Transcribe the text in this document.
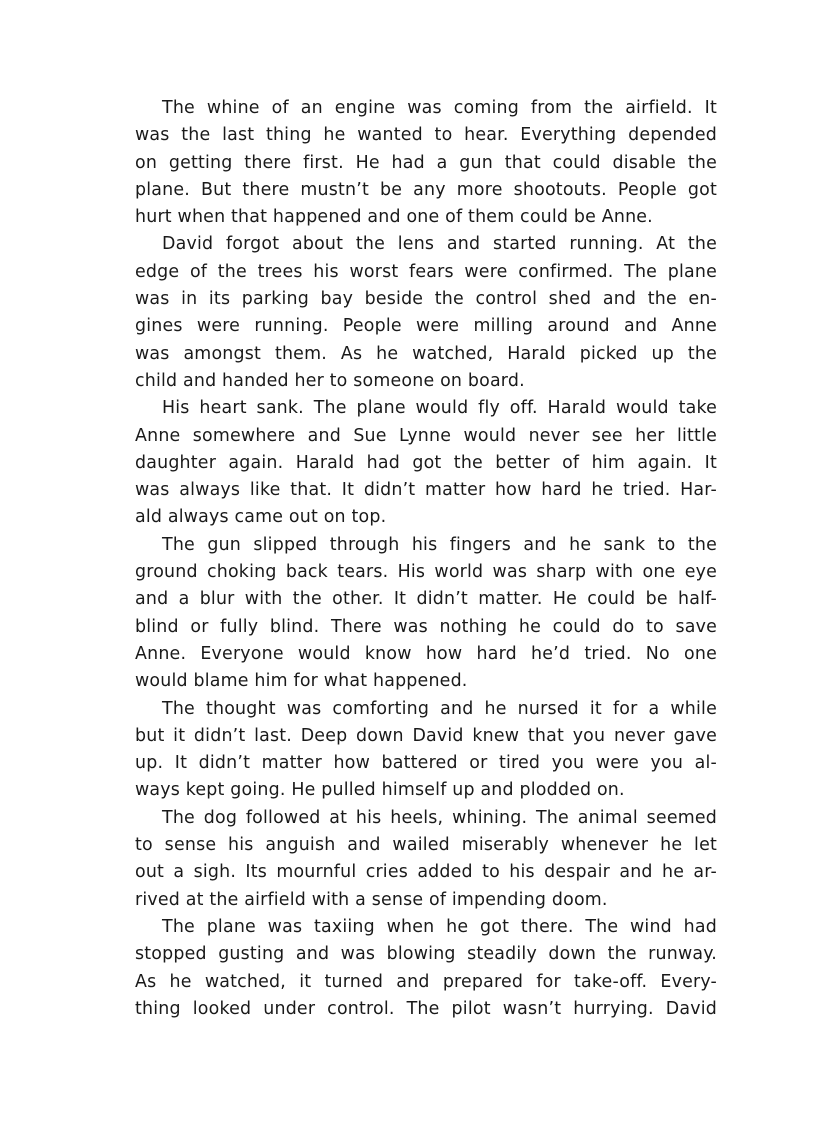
The whine of an engine was coming from the airfield. It
was the last thing he wanted to hear. Everything depended
on getting there first. He had a gun that could disable the
plane. But there mustn’t be any more shootouts. People got
hurt when that happened and one of them could be Anne.
David forgot about the lens and started running. At the
edge of the trees his worst fears were confirmed. The plane
was in its parking bay beside the control shed and the en-
gines were running. People were milling around and Anne
was amongst them. As he watched, Harald picked up the
child and handed her to someone on board.
His heart sank. The plane would fly off. Harald would take
Anne somewhere and Sue Lynne would never see her little
daughter again. Harald had got the better of him again. It
was always like that. It didn’t matter how hard he tried. Har-
ald always came out on top.
The gun slipped through his fingers and he sank to the
ground choking back tears. His world was sharp with one eye
and a blur with the other. It didn’t matter. He could be half-
blind or fully blind. There was nothing he could do to save
Anne. Everyone would know how hard he’d tried. No one
would blame him for what happened.
The thought was comforting and he nursed it for a while
but it didn’t last. Deep down David knew that you never gave
up. It didn’t matter how battered or tired you were you al-
ways kept going. He pulled himself up and plodded on.
The dog followed at his heels, whining. The animal seemed
to sense his anguish and wailed miserably whenever he let
out a sigh. Its mournful cries added to his despair and he ar-
rived at the airfield with a sense of impending doom.
The plane was taxiing when he got there. The wind had
stopped gusting and was blowing steadily down the runway.
As he watched, it turned and prepared for take-off. Every-
thing looked under control. The pilot wasn’t hurrying. David
